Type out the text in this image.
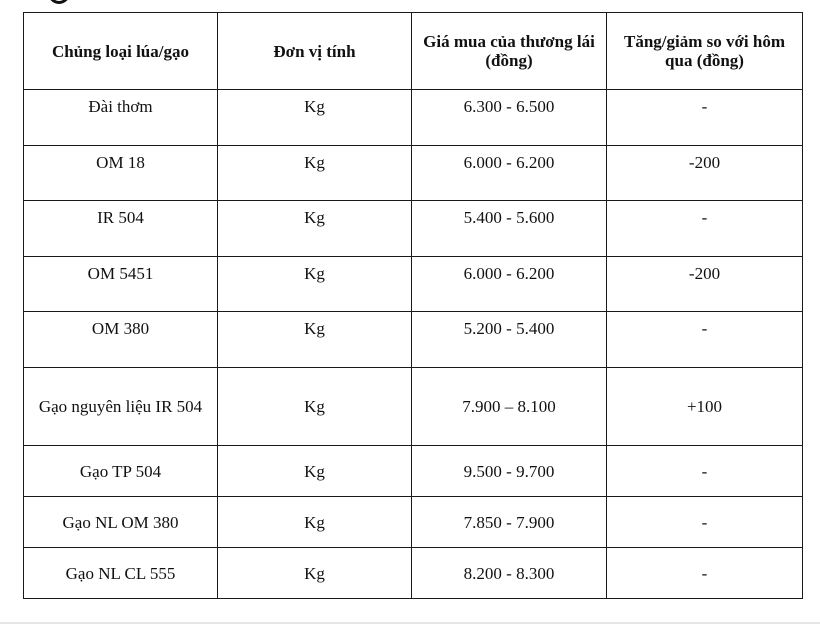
Chủng loại lúa/gạo	Đơn vị tính	Giá mua của thương lái (đồng)	Tăng/giảm so với hôm qua (đồng)
Đài thơm	Kg	6.300 - 6.500	-
OM 18	Kg	6.000 - 6.200	-200
IR 504	Kg	5.400 - 5.600	-
OM 5451	Kg	6.000 - 6.200	-200
OM 380	Kg	5.200 - 5.400	-
Gạo nguyên liệu IR 504	Kg	7.900 – 8.100	+100
Gạo TP 504	Kg	9.500 - 9.700	-
Gạo NL OM 380	Kg	7.850 - 7.900	-
Gạo NL CL 555	Kg	8.200 - 8.300	-
